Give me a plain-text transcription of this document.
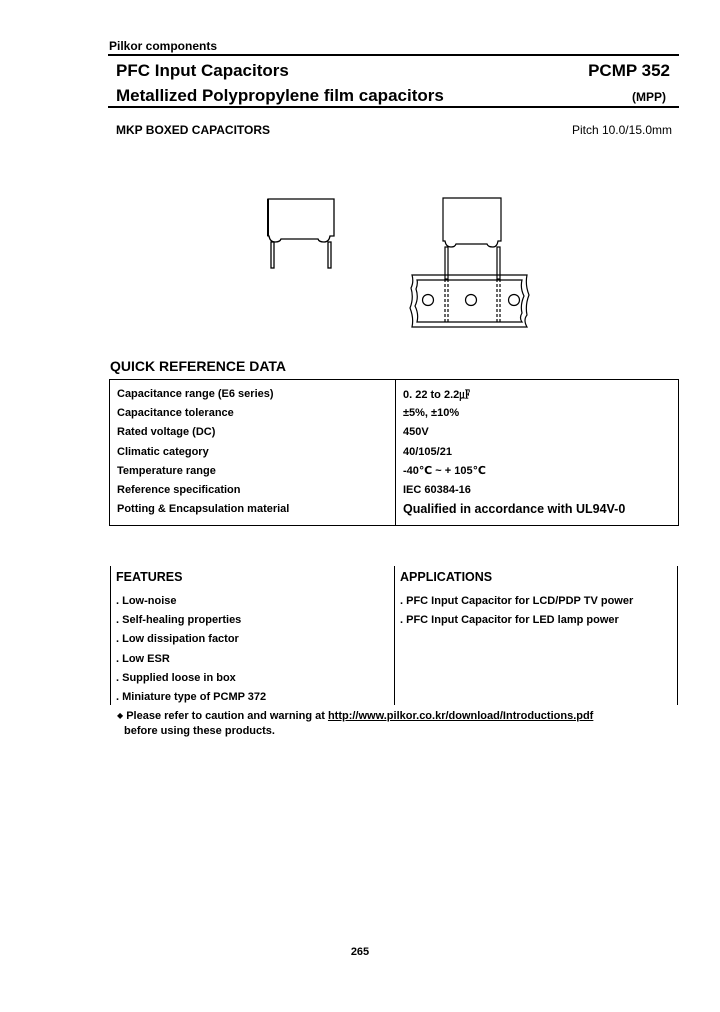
Pilkor components
PFC Input Capacitors	PCMP 352
Metallized Polypropylene film capacitors	(MPP)
MKP BOXED CAPACITORS	Pitch 10.0/15.0mm
QUICK REFERENCE DATA
Capacitance range (E6 series)	0. 22 to 2.2㎌
Capacitance tolerance	±5%, ±10%
Rated voltage (DC)	450V
Climatic category	40/105/21
Temperature range	-40℃ ~ + 105℃
Reference specification	IEC 60384-16
Potting & Encapsulation material	Qualified in accordance with UL94V-0
FEATURES
. Low-noise
. Self-healing properties
. Low dissipation factor
. Low ESR
. Supplied loose in box
. Miniature type of PCMP 372
APPLICATIONS
. PFC Input Capacitor for LCD/PDP TV power
. PFC Input Capacitor for LED lamp power
◆ Please refer to caution and warning at http://www.pilkor.co.kr/download/Introductions.pdf
before using these products.
265
